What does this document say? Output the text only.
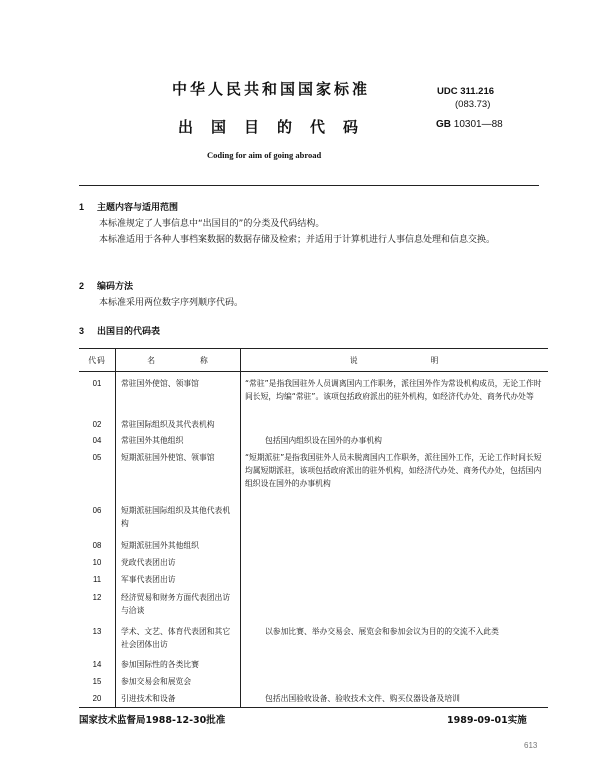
中华人民共和国国家标准	UDC 311.216
(083.73)
GB 10301—88
出国目的代码
Coding for aim of going abroad
1 主题内容与适用范围
本标准规定了人事信息中“出国目的”的分类及代码结构。
本标准适用于各种人事档案数据的数据存储及检索；并适用于计算机进行人事信息处理和信息交换。
2 编码方法
本标准采用两位数字序列顺序代码。
3 出国目的代码表
代码	名 称	说 明
01	常驻国外使馆、领事馆	“常驻”是指我国驻外人员调离国内工作职务，派往国外作为常设机构成员，无论工作时间长短，均编“常驻”。该项包括政府派出的驻外机构，如经济代办处、商务代办处等
02	常驻国际组织及其代表机构	
04	常驻国外其他组织	包括国内组织设在国外的办事机构
05	短期派驻国外使馆、领事馆	“短期派驻”是指我国驻外人员未脱离国内工作职务，派往国外工作，无论工作时间长短均属短期派驻，该项包括政府派出的驻外机构，如经济代办处、商务代办处，包括国内组织设在国外的办事机构
06	短期派驻国际组织及其他代表机构	
08	短期派驻国外其他组织	
10	党政代表团出访	
11	军事代表团出访	
12	经济贸易和财务方面代表团出访与洽谈	
13	学术、文艺、体育代表团和其它社会团体出访	以参加比赛、举办交易会、展览会和参加会议为目的的交流不入此类
14	参加国际性的各类比赛	
15	参加交易会和展览会	
20	引进技术和设备	包括出国验收设备、验收技术文件、购买仪器设备及培训
国家技术监督局1988-12-30批准	1989-09-01实施
613
